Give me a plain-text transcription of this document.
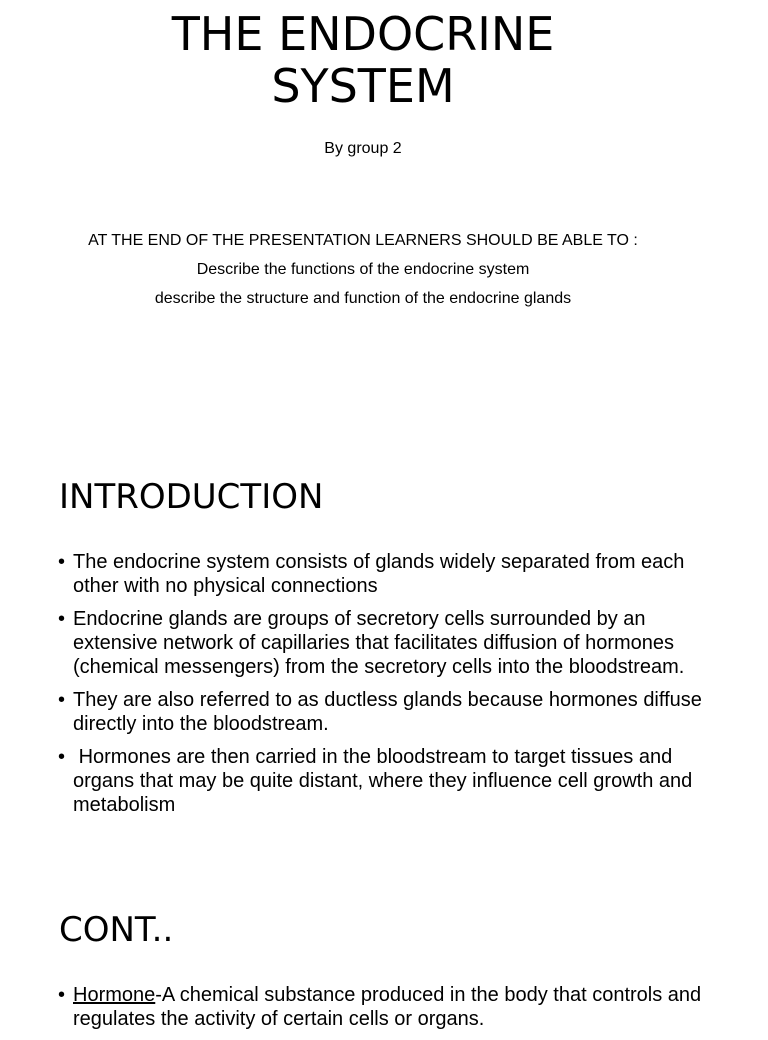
THE ENDOCRINE
SYSTEM
By group 2
AT THE END OF THE PRESENTATION LEARNERS SHOULD BE ABLE TO :
Describe the functions of the endocrine system
describe the structure and function of the endocrine glands
INTRODUCTION
• The endocrine system consists of glands widely separated from each other with no physical connections
• Endocrine glands are groups of secretory cells surrounded by an extensive network of capillaries that facilitates diffusion of hormones (chemical messengers) from the secretory cells into the bloodstream.
• They are also referred to as ductless glands because hormones diffuse directly into the bloodstream.
• Hormones are then carried in the bloodstream to target tissues and organs that may be quite distant, where they influence cell growth and metabolism
CONT..
• Hormone-A chemical substance produced in the body that controls and regulates the activity of certain cells or organs.
